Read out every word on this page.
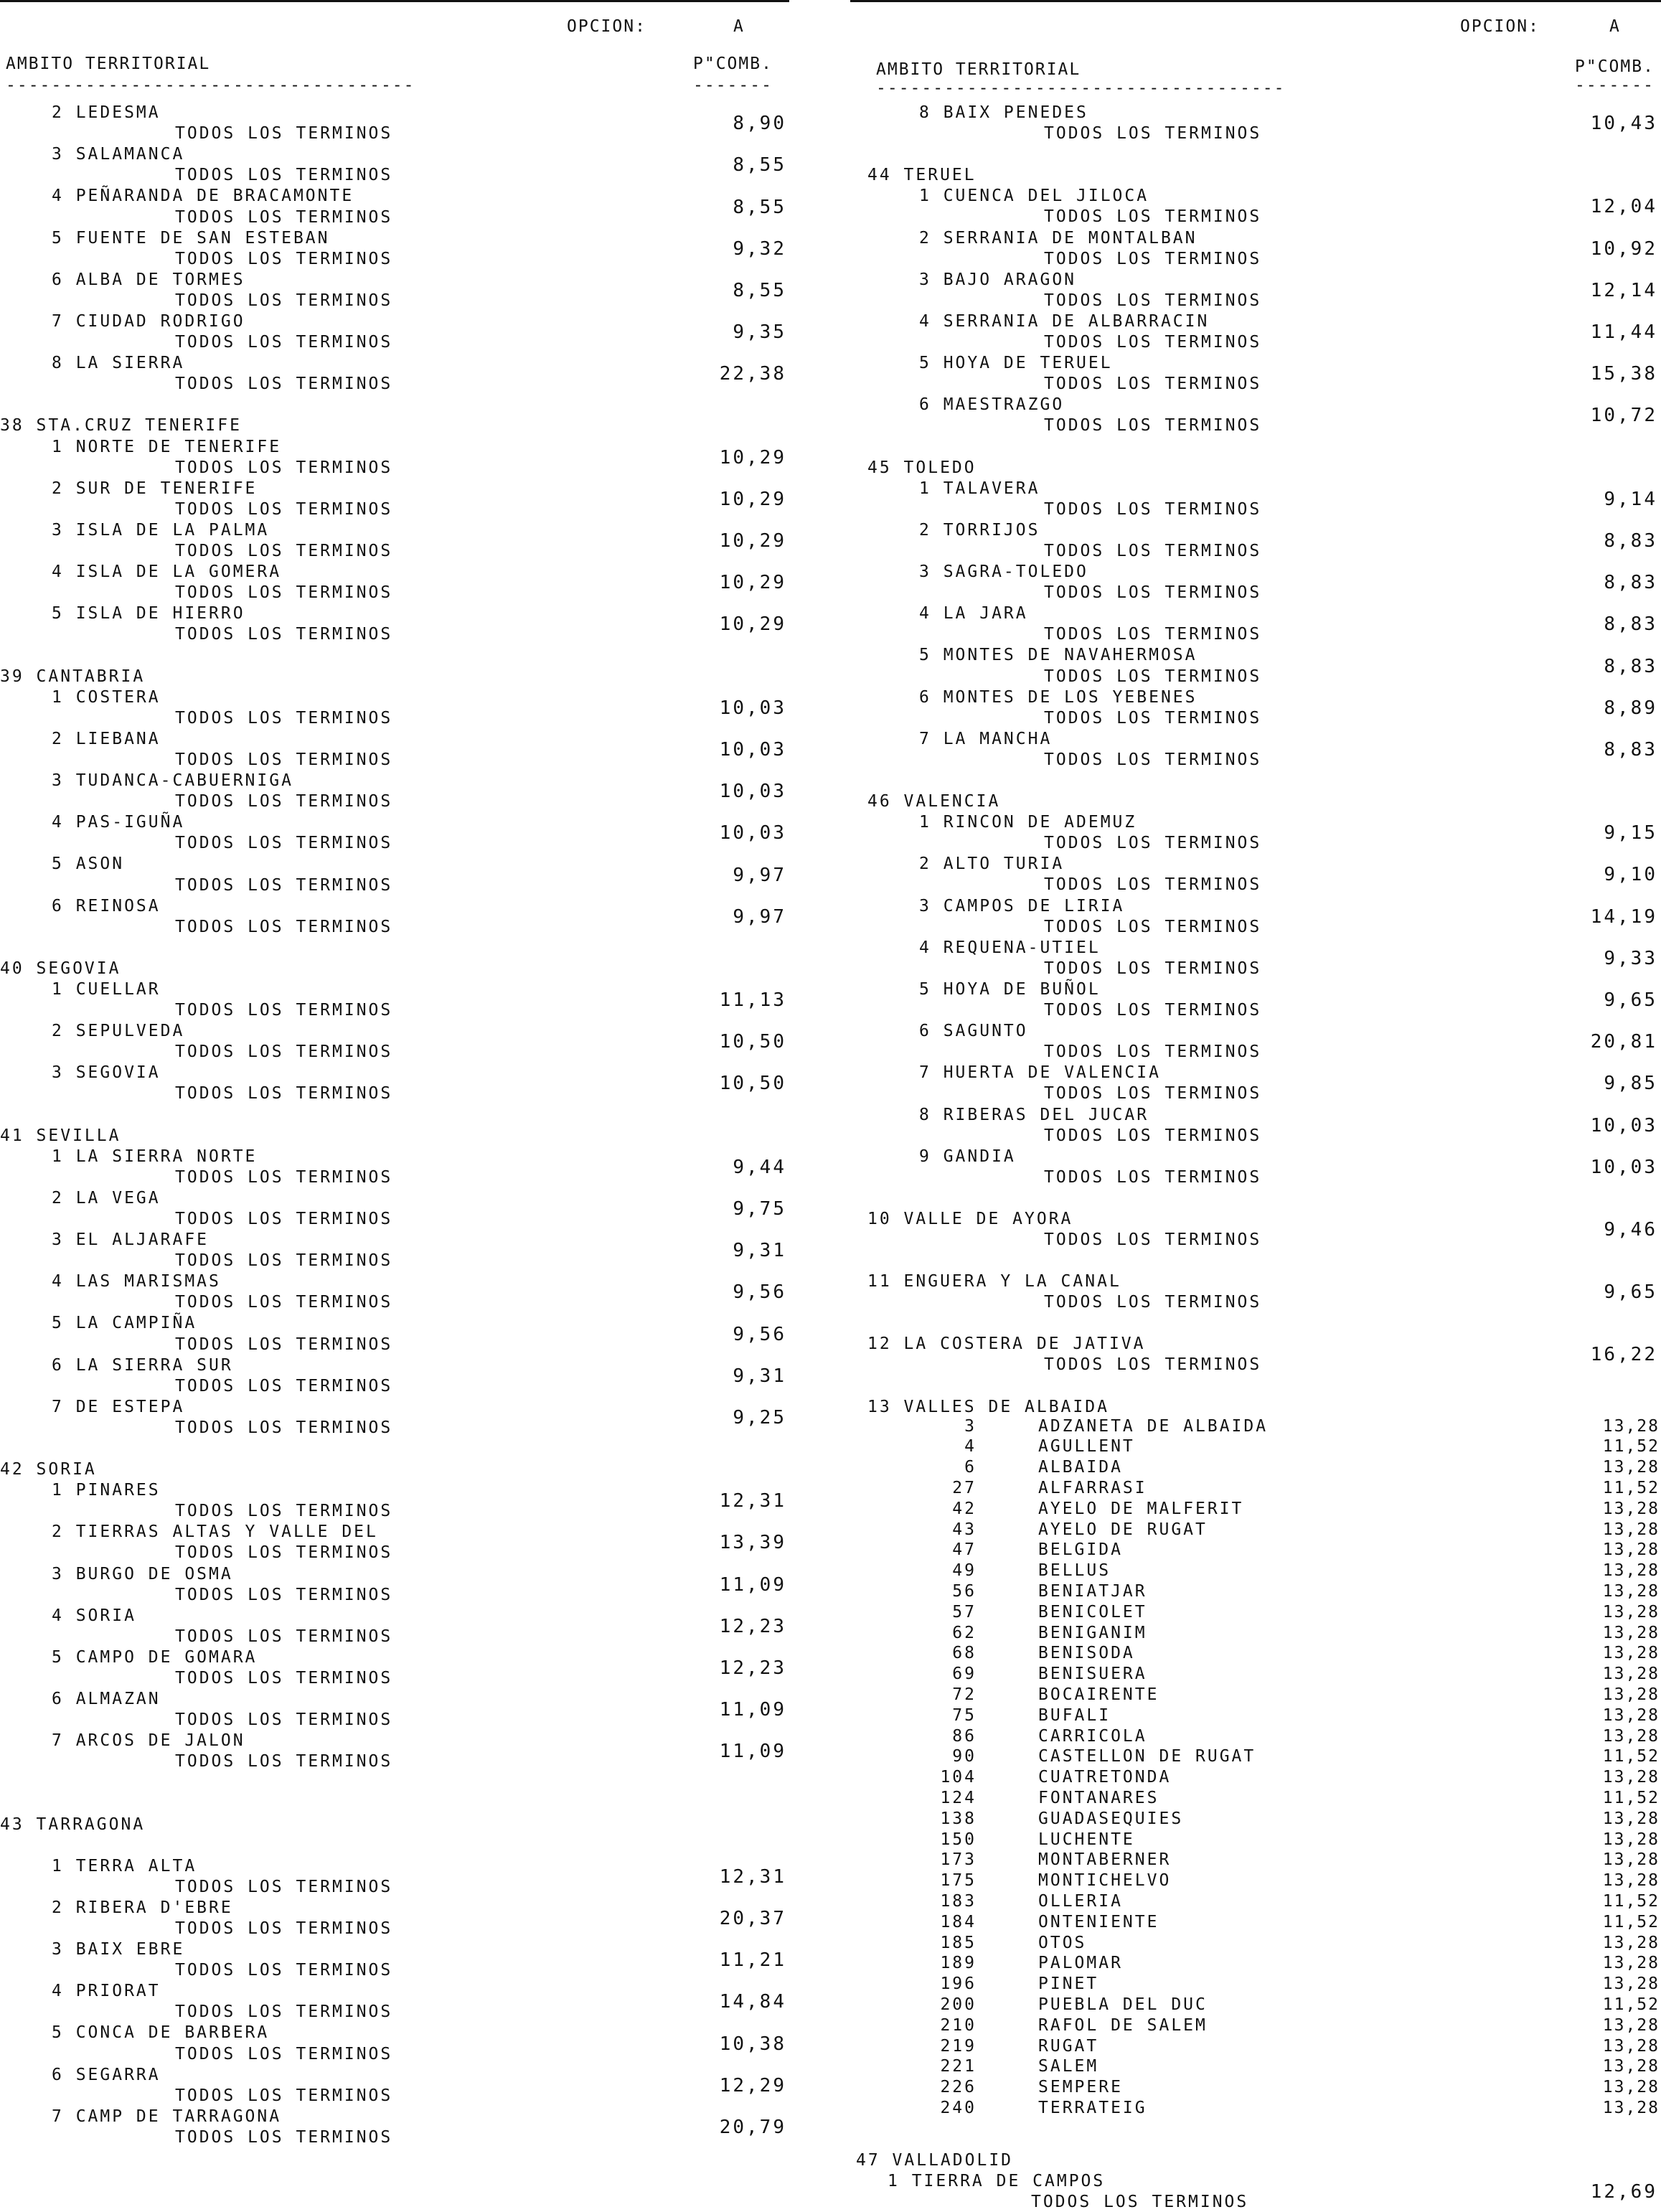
OPCION:	A
AMBITO TERRITORIAL
------------------------------------
P"COMB.
-------
2 LEDESMA
TODOS LOS TERMINOS	8,90
3 SALAMANCA
TODOS LOS TERMINOS	8,55
4 PEÑARANDA DE BRACAMONTE
TODOS LOS TERMINOS	8,55
5 FUENTE DE SAN ESTEBAN
TODOS LOS TERMINOS	9,32
6 ALBA DE TORMES
TODOS LOS TERMINOS	8,55
7 CIUDAD RODRIGO
TODOS LOS TERMINOS	9,35
8 LA SIERRA
TODOS LOS TERMINOS	22,38
38 STA.CRUZ TENERIFE
1 NORTE DE TENERIFE
TODOS LOS TERMINOS	10,29
2 SUR DE TENERIFE
TODOS LOS TERMINOS	10,29
3 ISLA DE LA PALMA
TODOS LOS TERMINOS	10,29
4 ISLA DE LA GOMERA
TODOS LOS TERMINOS	10,29
5 ISLA DE HIERRO
TODOS LOS TERMINOS	10,29
39 CANTABRIA
1 COSTERA
TODOS LOS TERMINOS	10,03
2 LIEBANA
TODOS LOS TERMINOS	10,03
3 TUDANCA-CABUERNIGA
TODOS LOS TERMINOS	10,03
4 PAS-IGUÑA
TODOS LOS TERMINOS	10,03
5 ASON
TODOS LOS TERMINOS	9,97
6 REINOSA
TODOS LOS TERMINOS	9,97
40 SEGOVIA
1 CUELLAR
TODOS LOS TERMINOS	11,13
2 SEPULVEDA
TODOS LOS TERMINOS	10,50
3 SEGOVIA
TODOS LOS TERMINOS	10,50
41 SEVILLA
1 LA SIERRA NORTE
TODOS LOS TERMINOS	9,44
2 LA VEGA
TODOS LOS TERMINOS	9,75
3 EL ALJARAFE
TODOS LOS TERMINOS	9,31
4 LAS MARISMAS
TODOS LOS TERMINOS	9,56
5 LA CAMPIÑA
TODOS LOS TERMINOS	9,56
6 LA SIERRA SUR
TODOS LOS TERMINOS	9,31
7 DE ESTEPA
TODOS LOS TERMINOS	9,25
42 SORIA
1 PINARES
TODOS LOS TERMINOS	12,31
2 TIERRAS ALTAS Y VALLE DEL
TODOS LOS TERMINOS	13,39
3 BURGO DE OSMA
TODOS LOS TERMINOS	11,09
4 SORIA
TODOS LOS TERMINOS	12,23
5 CAMPO DE GOMARA
TODOS LOS TERMINOS	12,23
6 ALMAZAN
TODOS LOS TERMINOS	11,09
7 ARCOS DE JALON
TODOS LOS TERMINOS	11,09
43 TARRAGONA
1 TERRA ALTA
TODOS LOS TERMINOS	12,31
2 RIBERA D'EBRE
TODOS LOS TERMINOS	20,37
3 BAIX EBRE
TODOS LOS TERMINOS	11,21
4 PRIORAT
TODOS LOS TERMINOS	14,84
5 CONCA DE BARBERA
TODOS LOS TERMINOS	10,38
6 SEGARRA
TODOS LOS TERMINOS	12,29
7 CAMP DE TARRAGONA
TODOS LOS TERMINOS	20,79
OPCION:	A
AMBITO TERRITORIAL
------------------------------------
P"COMB.
-------
8 BAIX PENEDES
TODOS LOS TERMINOS	10,43
44 TERUEL
1 CUENCA DEL JILOCA
TODOS LOS TERMINOS	12,04
2 SERRANIA DE MONTALBAN
TODOS LOS TERMINOS	10,92
3 BAJO ARAGON
TODOS LOS TERMINOS	12,14
4 SERRANIA DE ALBARRACIN
TODOS LOS TERMINOS	11,44
5 HOYA DE TERUEL
TODOS LOS TERMINOS	15,38
6 MAESTRAZGO
TODOS LOS TERMINOS	10,72
45 TOLEDO
1 TALAVERA
TODOS LOS TERMINOS	9,14
2 TORRIJOS
TODOS LOS TERMINOS	8,83
3 SAGRA-TOLEDO
TODOS LOS TERMINOS	8,83
4 LA JARA
TODOS LOS TERMINOS	8,83
5 MONTES DE NAVAHERMOSA
TODOS LOS TERMINOS	8,83
6 MONTES DE LOS YEBENES
TODOS LOS TERMINOS	8,89
7 LA MANCHA
TODOS LOS TERMINOS	8,83
46 VALENCIA
1 RINCON DE ADEMUZ
TODOS LOS TERMINOS	9,15
2 ALTO TURIA
TODOS LOS TERMINOS	9,10
3 CAMPOS DE LIRIA
TODOS LOS TERMINOS	14,19
4 REQUENA-UTIEL
TODOS LOS TERMINOS	9,33
5 HOYA DE BUÑOL
TODOS LOS TERMINOS	9,65
6 SAGUNTO
TODOS LOS TERMINOS	20,81
7 HUERTA DE VALENCIA
TODOS LOS TERMINOS	9,85
8 RIBERAS DEL JUCAR
TODOS LOS TERMINOS	10,03
9 GANDIA
TODOS LOS TERMINOS	10,03
10 VALLE DE AYORA
TODOS LOS TERMINOS	9,46
11 ENGUERA Y LA CANAL
TODOS LOS TERMINOS	9,65
12 LA COSTERA DE JATIVA
TODOS LOS TERMINOS	16,22
13 VALLES DE ALBAIDA
3	ADZANETA DE ALBAIDA	13,28
4	AGULLENT	11,52
6	ALBAIDA	13,28
27	ALFARRASI	11,52
42	AYELO DE MALFERIT	13,28
43	AYELO DE RUGAT	13,28
47	BELGIDA	13,28
49	BELLUS	13,28
56	BENIATJAR	13,28
57	BENICOLET	13,28
62	BENIGANIM	13,28
68	BENISODA	13,28
69	BENISUERA	13,28
72	BOCAIRENTE	13,28
75	BUFALI	13,28
86	CARRICOLA	13,28
90	CASTELLON DE RUGAT	11,52
104	CUATRETONDA	13,28
124	FONTANARES	11,52
138	GUADASEQUIES	13,28
150	LUCHENTE	13,28
173	MONTABERNER	13,28
175	MONTICHELVO	13,28
183	OLLERIA	11,52
184	ONTENIENTE	11,52
185	OTOS	13,28
189	PALOMAR	13,28
196	PINET	13,28
200	PUEBLA DEL DUC	11,52
210	RAFOL DE SALEM	13,28
219	RUGAT	13,28
221	SALEM	13,28
226	SEMPERE	13,28
240	TERRATEIG	13,28
47 VALLADOLID
1 TIERRA DE CAMPOS
TODOS LOS TERMINOS	12,69
